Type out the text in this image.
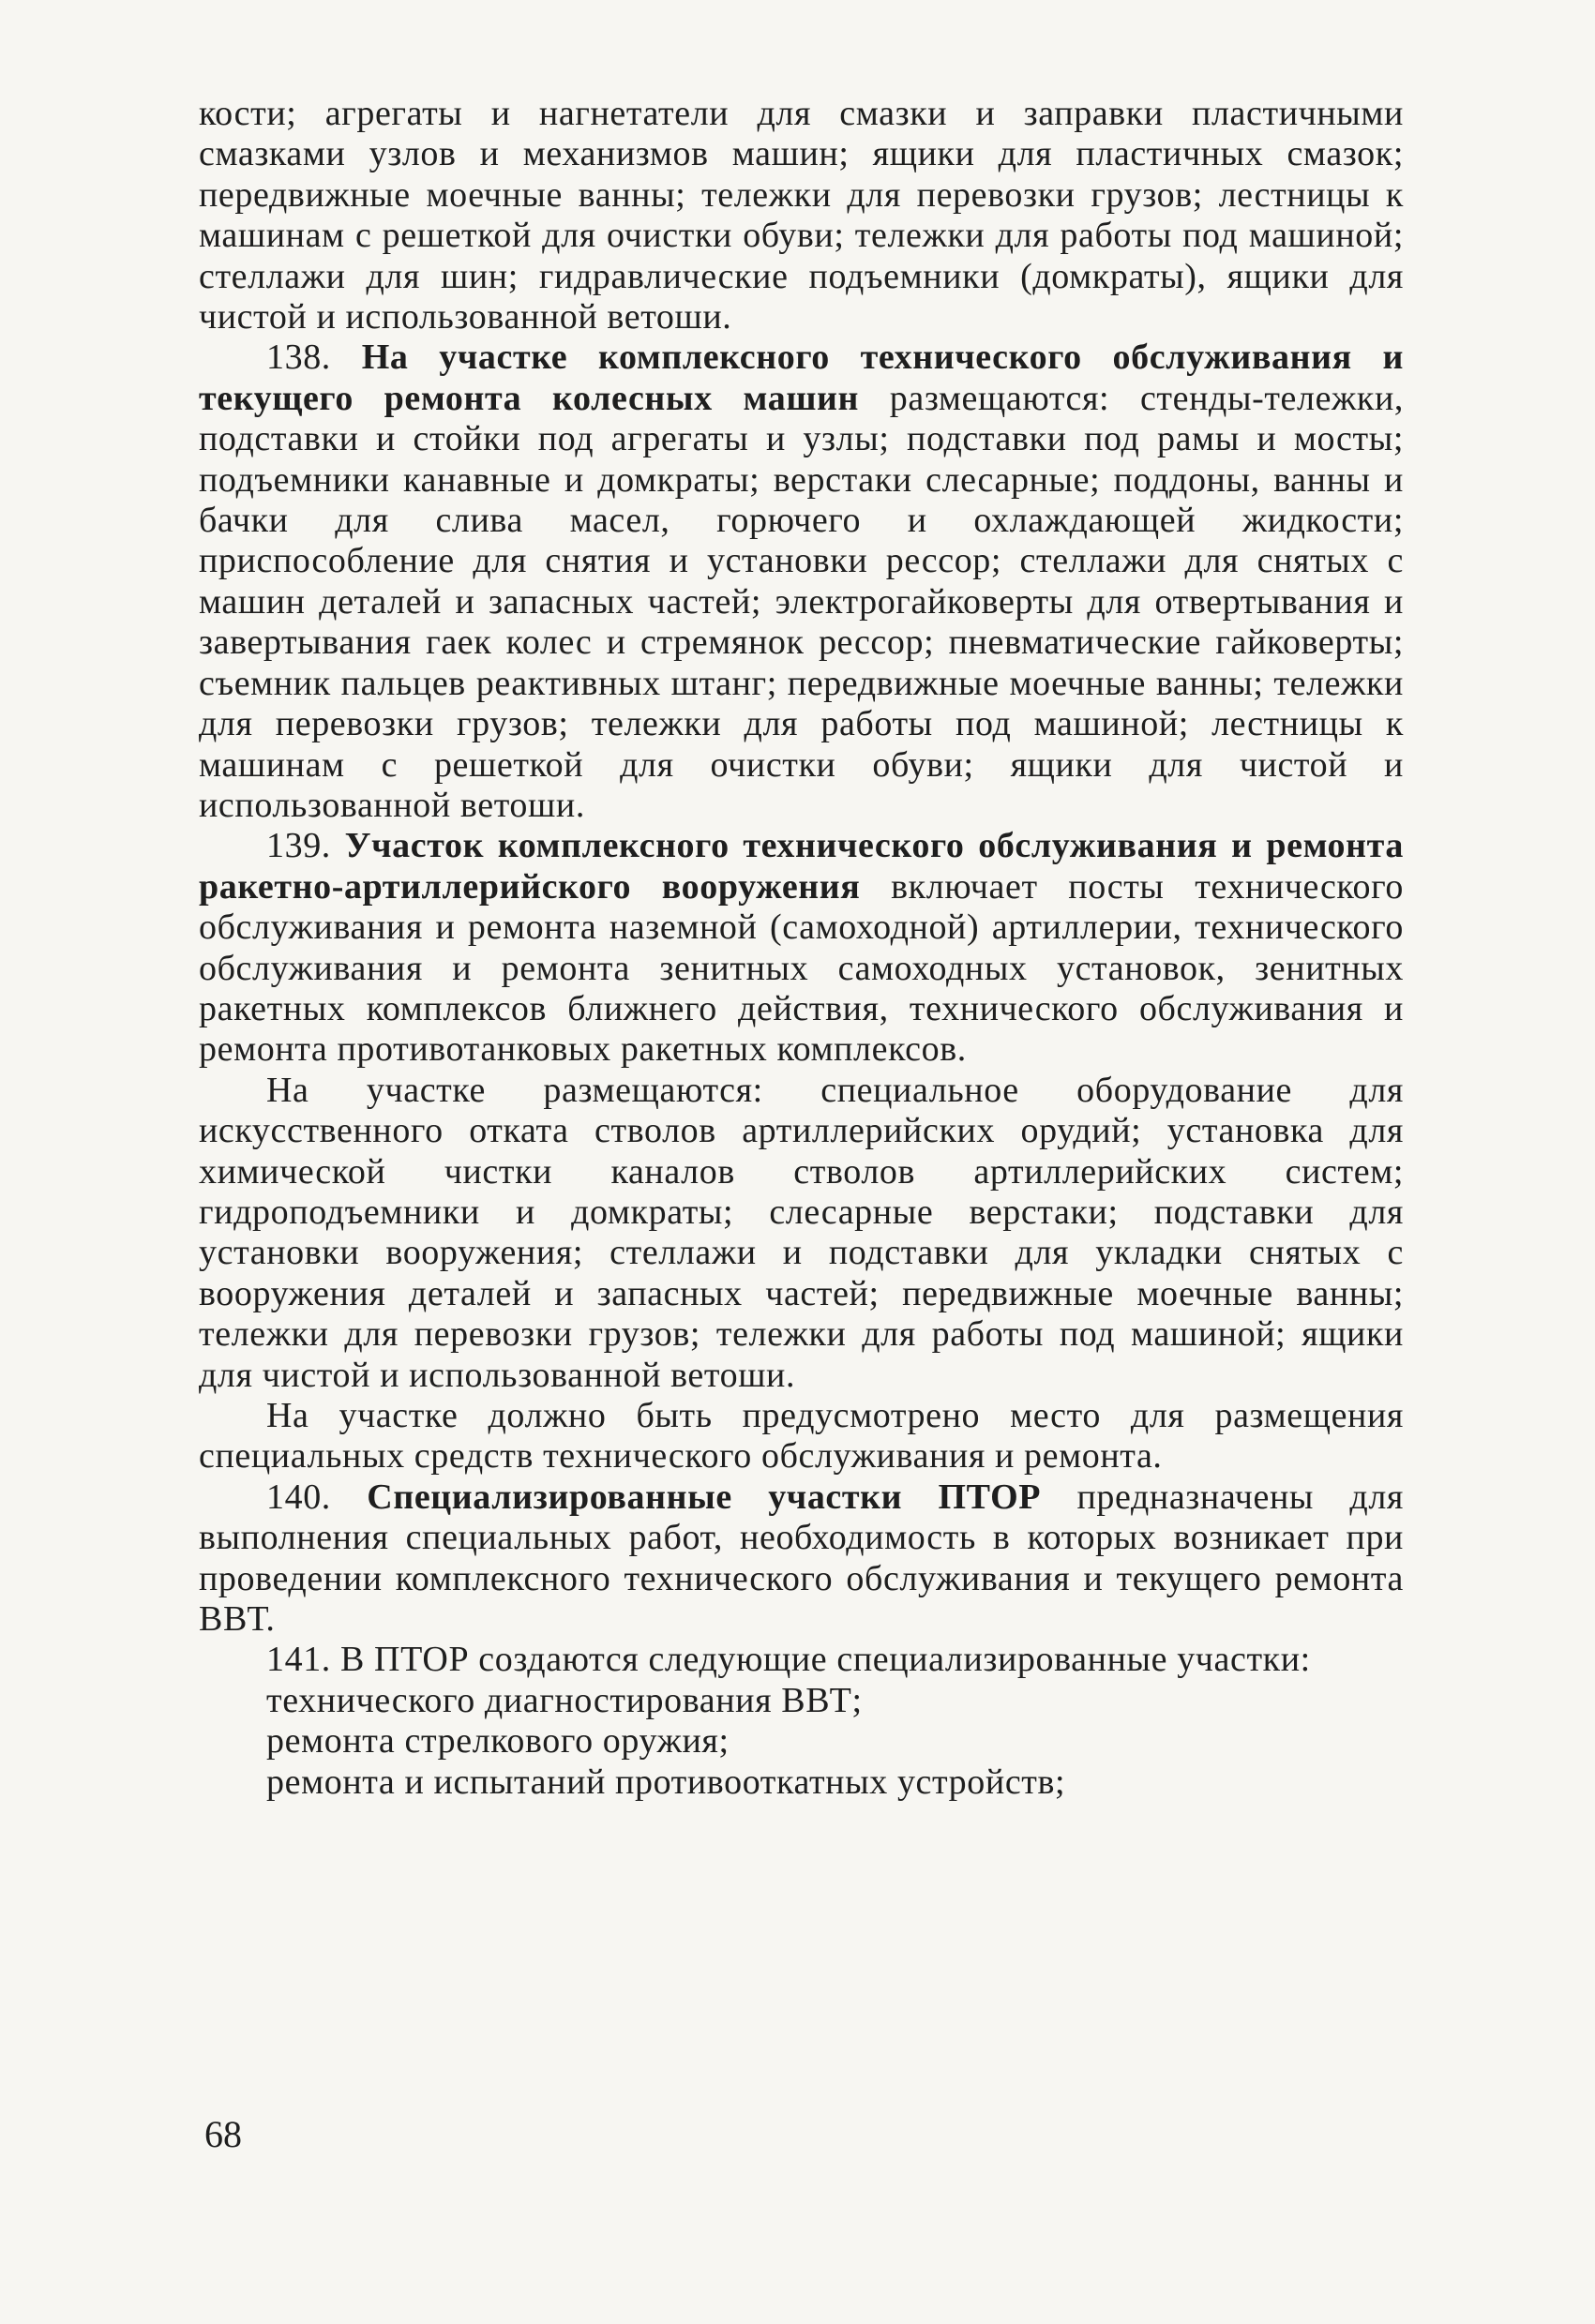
кости; агрегаты и нагнетатели для смазки и заправки пластичными смазками узлов и механизмов машин; ящики для пластичных смазок; передвижные моечные ванны; тележки для перевозки грузов; лестницы к машинам с решеткой для очистки обуви; тележки для работы под машиной; стеллажи для шин; гидравлические подъемники (домкраты), ящики для чистой и использованной ветоши.

138. На участке комплексного технического обслуживания и текущего ремонта колесных машин размещаются: стенды-тележки, подставки и стойки под агрегаты и узлы; подставки под рамы и мосты; подъемники канавные и домкраты; верстаки слесарные; поддоны, ванны и бачки для слива масел, горючего и охлаждающей жидкости; приспособление для снятия и установки рессор; стеллажи для снятых с машин деталей и запасных частей; электрогайковерты для отвертывания и завертывания гаек колес и стремянок рессор; пневматические гайковерты; съемник пальцев реактивных штанг; передвижные моечные ванны; тележки для перевозки грузов; тележки для работы под машиной; лестницы к машинам с решеткой для очистки обуви; ящики для чистой и использованной ветоши.

139. Участок комплексного технического обслуживания и ремонта ракетно-артиллерийского вооружения включает посты технического обслуживания и ремонта наземной (самоходной) артиллерии, технического обслуживания и ремонта зенитных самоходных установок, зенитных ракетных комплексов ближнего действия, технического обслуживания и ремонта противотанковых ракетных комплексов.

На участке размещаются: специальное оборудование для искусственного отката стволов артиллерийских орудий; установка для химической чистки каналов стволов артиллерийских систем; гидроподъемники и домкраты; слесарные верстаки; подставки для установки вооружения; стеллажи и подставки для укладки снятых с вооружения деталей и запасных частей; передвижные моечные ванны; тележки для перевозки грузов; тележки для работы под машиной; ящики для чистой и использованной ветоши.

На участке должно быть предусмотрено место для размещения специальных средств технического обслуживания и ремонта.

140. Специализированные участки ПТОР предназначены для выполнения специальных работ, необходимость в которых возникает при проведении комплексного технического обслуживания и текущего ремонта ВВТ.

141. В ПТОР создаются следующие специализированные участки:

технического диагностирования ВВТ;

ремонта стрелкового оружия;

ремонта и испытаний противооткатных устройств;

68
